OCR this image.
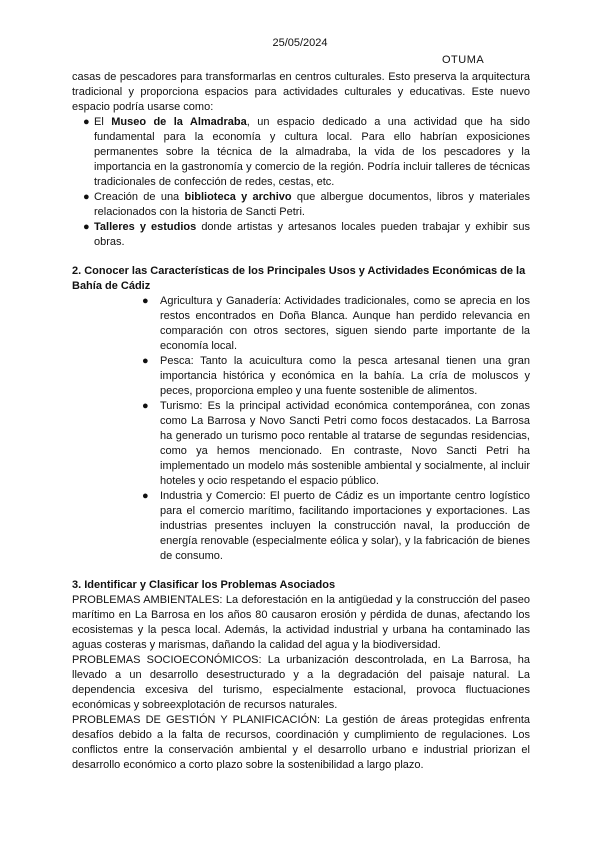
25/05/2024
OTUMA

casas de pescadores para transformarlas en centros culturales. Esto preserva la arquitectura tradicional y proporciona espacios para actividades culturales y educativas. Este nuevo espacio podría usarse como:

● El Museo de la Almadraba, un espacio dedicado a una actividad que ha sido fundamental para la economía y cultura local. Para ello habrían exposiciones permanentes sobre la técnica de la almadraba, la vida de los pescadores y la importancia en la gastronomía y comercio de la región. Podría incluir talleres de técnicas tradicionales de confección de redes, cestas, etc.
● Creación de una biblioteca y archivo que albergue documentos, libros y materiales relacionados con la historia de Sancti Petri.
● Talleres y estudios donde artistas y artesanos locales pueden trabajar y exhibir sus obras.
2. Conocer las Características de los Principales Usos y Actividades Económicas de la Bahía de Cádiz
● Agricultura y Ganadería: Actividades tradicionales, como se aprecia en los restos encontrados en Doña Blanca. Aunque han perdido relevancia en comparación con otros sectores, siguen siendo parte importante de la economía local.
● Pesca: Tanto la acuicultura como la pesca artesanal tienen una gran importancia histórica y económica en la bahía. La cría de moluscos y peces, proporciona empleo y una fuente sostenible de alimentos.
● Turismo: Es la principal actividad económica contemporánea, con zonas como La Barrosa y Novo Sancti Petri como focos destacados. La Barrosa ha generado un turismo poco rentable al tratarse de segundas residencias, como ya hemos mencionado. En contraste, Novo Sancti Petri ha implementado un modelo más sostenible ambiental y socialmente, al incluir hoteles y ocio respetando el espacio público.
● Industria y Comercio: El puerto de Cádiz es un importante centro logístico para el comercio marítimo, facilitando importaciones y exportaciones. Las industrias presentes incluyen la construcción naval, la producción de energía renovable (especialmente eólica y solar), y la fabricación de bienes de consumo.
3. Identificar y Clasificar los Problemas Asociados

PROBLEMAS AMBIENTALES: La deforestación en la antigüedad y la construcción del paseo marítimo en La Barrosa en los años 80 causaron erosión y pérdida de dunas, afectando los ecosistemas y la pesca local. Además, la actividad industrial y urbana ha contaminado las aguas costeras y marismas, dañando la calidad del agua y la biodiversidad.

PROBLEMAS SOCIOECONÓMICOS: La urbanización descontrolada, en La Barrosa, ha llevado a un desarrollo desestructurado y a la degradación del paisaje natural. La dependencia excesiva del turismo, especialmente estacional, provoca fluctuaciones económicas y sobreexplotación de recursos naturales.

PROBLEMAS DE GESTIÓN Y PLANIFICACIÓN: La gestión de áreas protegidas enfrenta desafíos debido a la falta de recursos, coordinación y cumplimiento de regulaciones. Los conflictos entre la conservación ambiental y el desarrollo urbano e industrial priorizan el desarrollo económico a corto plazo sobre la sostenibilidad a largo plazo.
